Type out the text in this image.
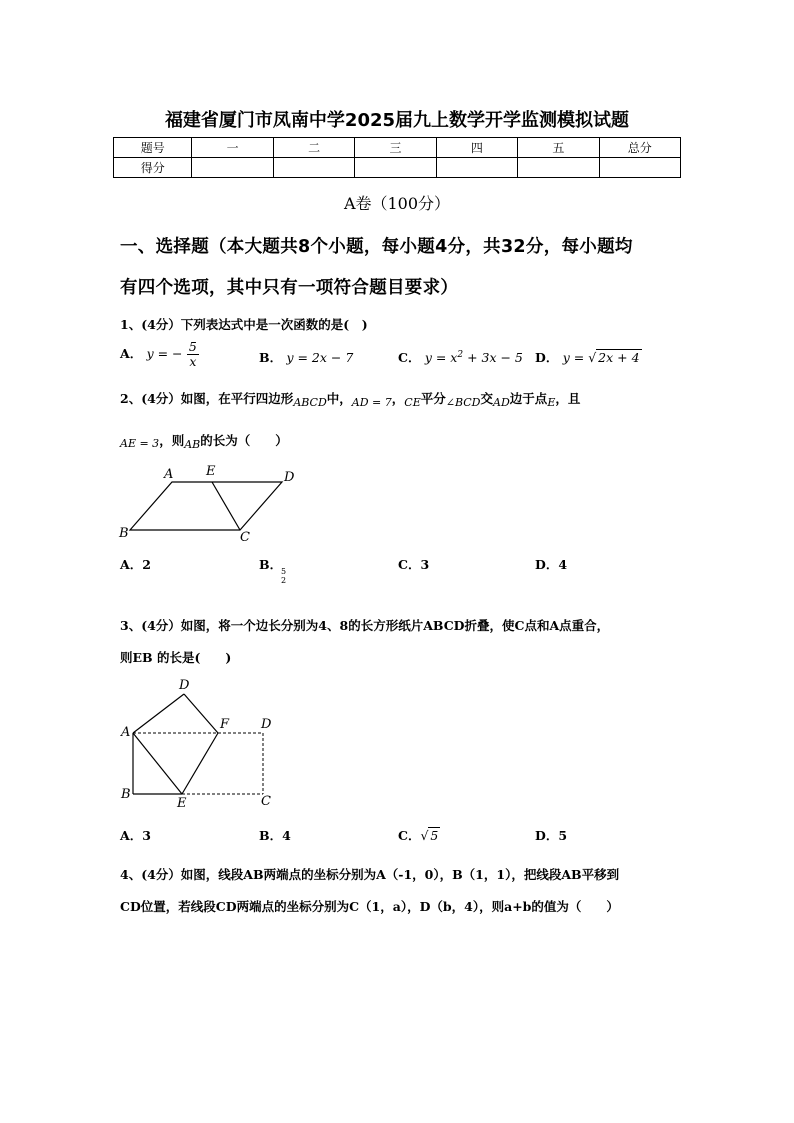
福建省厦门市凤南中学2025届九上数学开学监测模拟试题
题号	一	二	三	四	五	总分
得分						
A卷（100分）
一、选择题（本大题共8个小题，每小题4分，共32分，每小题均
有四个选项，其中只有一项符合题目要求）
1、(4分）下列表达式中是一次函数的是(　)
A． y = − $\frac{5}{x}$	B． y = 2x − 7	C． $y = x^2 + 3x - 5$ D． y = √ 2x + 4
2、(4分）如图，在平行四边形ABCD中，AD = 7，CE平分∠BCD交AD边于点E，且
AE = 3，则AB的长为（　　）
A	E	D
B	C
A．2	B．
5
2
C．3	D．4
3、(4分）如图，将一个边长分别为4、8的长方形纸片ABCD折叠，使C点和A点重合，
则EB 的长是(　　)
D
A
F D
B
E	C
A．3	B．4	C．√ 5	D．5
4、(4分）如图，线段AB两端点的坐标分别为A（-1，0），B（1，1），把线段AB平移到
CD位置，若线段CD两端点的坐标分别为C（1，a），D（b，4），则a+b的值为（　　）
